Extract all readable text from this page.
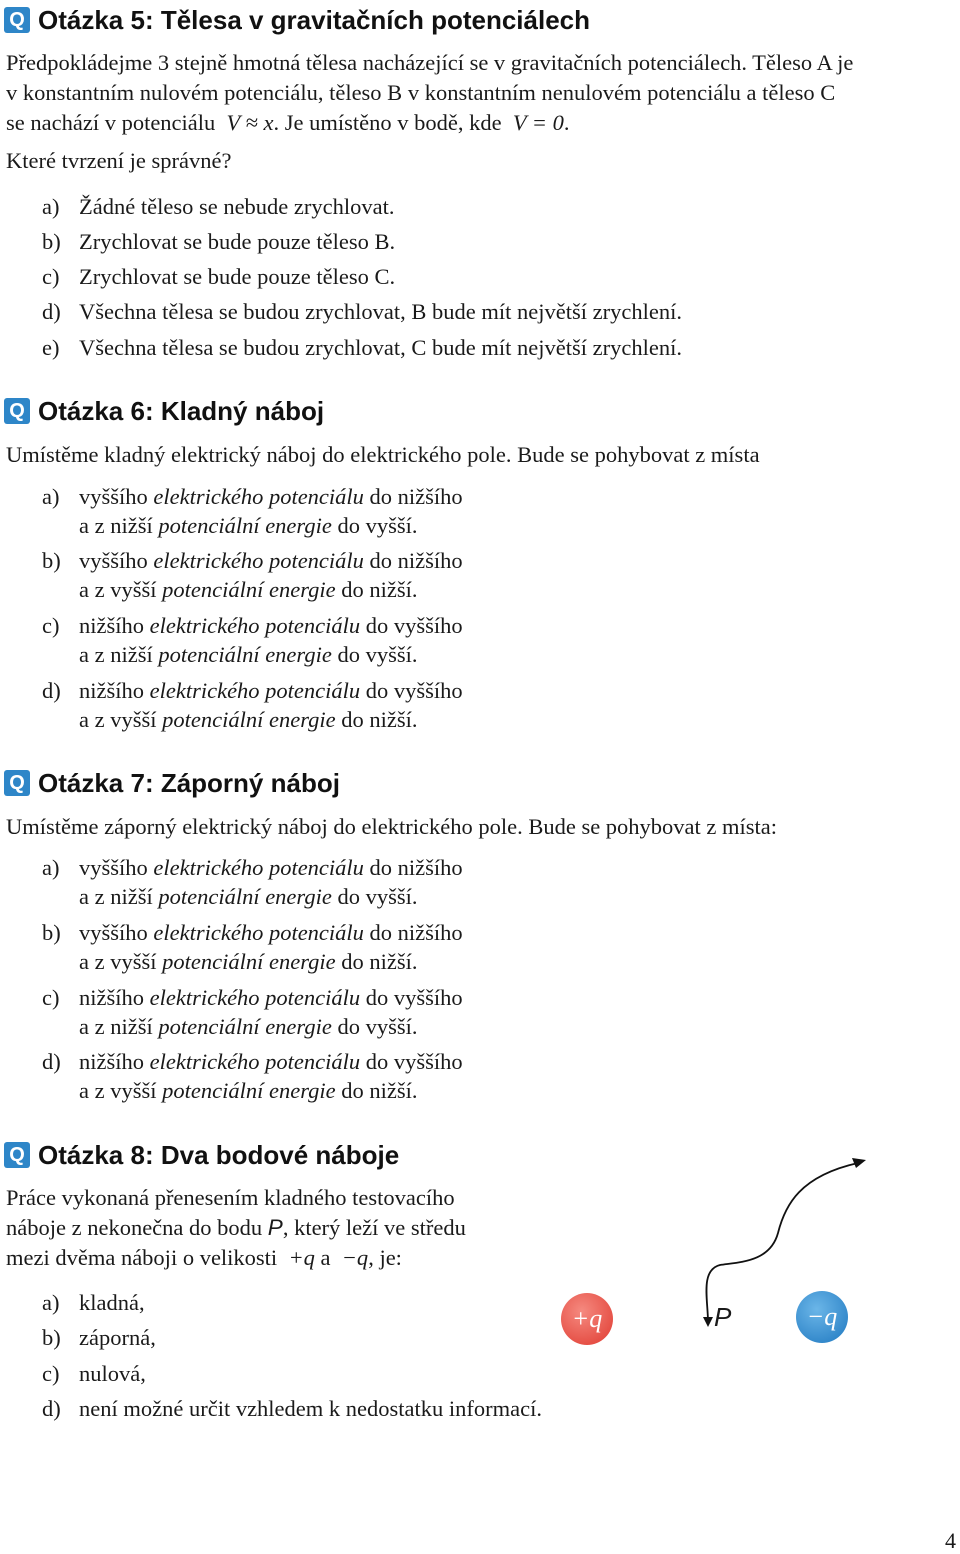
Q Otázka 5: Tělesa v gravitačních potenciálech
Předpokládejme 3 stejně hmotná tělesa nacházející se v gravitačních potenciálech. Těleso A je
v konstantním nulovém potenciálu, těleso B v konstantním nenulovém potenciálu a těleso C
se nachází v potenciálu V ≈ x. Je umístěno v bodě, kde V = 0.
Které tvrzení je správné?
a) Žádné těleso se nebude zrychlovat.
b) Zrychlovat se bude pouze těleso B.
c) Zrychlovat se bude pouze těleso C.
d) Všechna tělesa se budou zrychlovat, B bude mít největší zrychlení.
e) Všechna tělesa se budou zrychlovat, C bude mít největší zrychlení.
Q Otázka 6: Kladný náboj
Umístěme kladný elektrický náboj do elektrického pole. Bude se pohybovat z místa
a) vyššího elektrického potenciálu do nižšího
a z nižší potenciální energie do vyšší.
b) vyššího elektrického potenciálu do nižšího
a z vyšší potenciální energie do nižší.
c) nižšího elektrického potenciálu do vyššího
a z nižší potenciální energie do vyšší.
d) nižšího elektrického potenciálu do vyššího
a z vyšší potenciální energie do nižší.
Q Otázka 7: Záporný náboj
Umístěme záporný elektrický náboj do elektrického pole. Bude se pohybovat z místa:
a) vyššího elektrického potenciálu do nižšího
a z nižší potenciální energie do vyšší.
b) vyššího elektrického potenciálu do nižšího
a z vyšší potenciální energie do nižší.
c) nižšího elektrického potenciálu do vyššího
a z nižší potenciální energie do vyšší.
d) nižšího elektrického potenciálu do vyššího
a z vyšší potenciální energie do nižší.
Q Otázka 8: Dva bodové náboje
Práce vykonaná přenesením kladného testovacího
náboje z nekonečna do bodu P, který leží ve středu
mezi dvěma náboji o velikosti +q a −q, je:
a) kladná,
b) záporná,
c) nulová,
d) není možné určit vzhledem k nedostatku informací.
+q	−q
P
4
